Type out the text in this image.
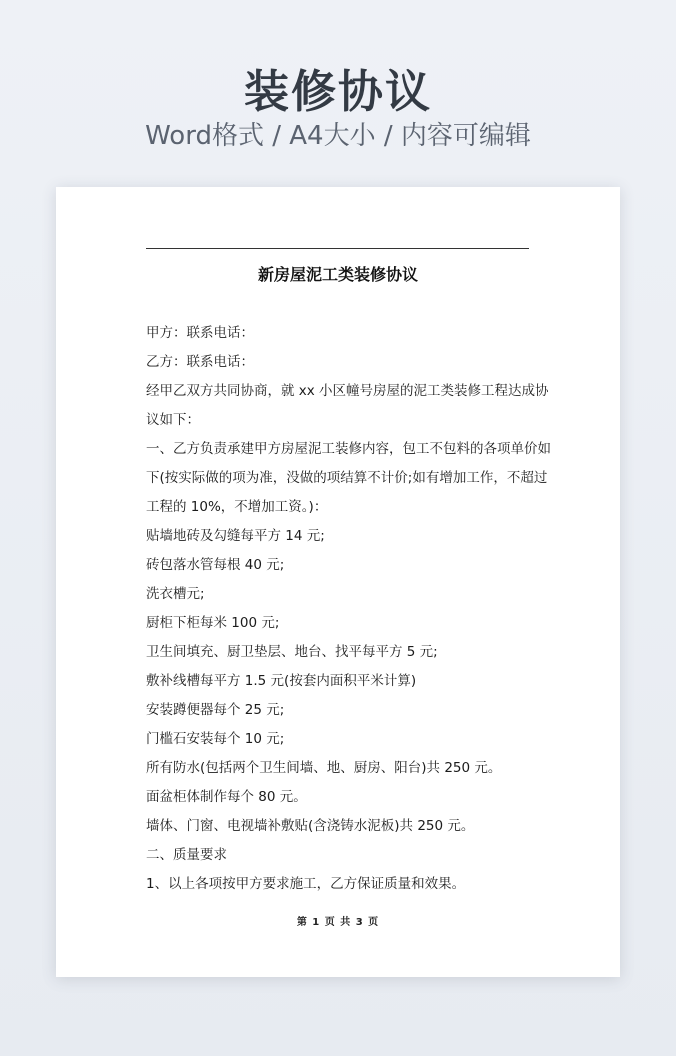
装修协议
Word格式 / A4大小 / 内容可编辑
新房屋泥工类装修协议
甲方：联系电话：
乙方：联系电话：
经甲乙双方共同协商，就 xx 小区幢号房屋的泥工类装修工程达成协
议如下：
一、乙方负责承建甲方房屋泥工装修内容，包工不包料的各项单价如
下(按实际做的项为准，没做的项结算不计价;如有增加工作，不超过
工程的 10%，不增加工资。)：
贴墙地砖及勾缝每平方 14 元;
砖包落水管每根 40 元;
洗衣槽元;
厨柜下柜每米 100 元;
卫生间填充、厨卫垫层、地台、找平每平方 5 元;
敷补线槽每平方 1.5 元(按套内面积平米计算)
安装蹲便器每个 25 元;
门槛石安装每个 10 元;
所有防水(包括两个卫生间墙、地、厨房、阳台)共 250 元。
面盆柜体制作每个 80 元。
墙体、门窗、电视墙补敷贴(含浇铸水泥板)共 250 元。
二、质量要求
1、以上各项按甲方要求施工，乙方保证质量和效果。
第 1 页 共 3 页
